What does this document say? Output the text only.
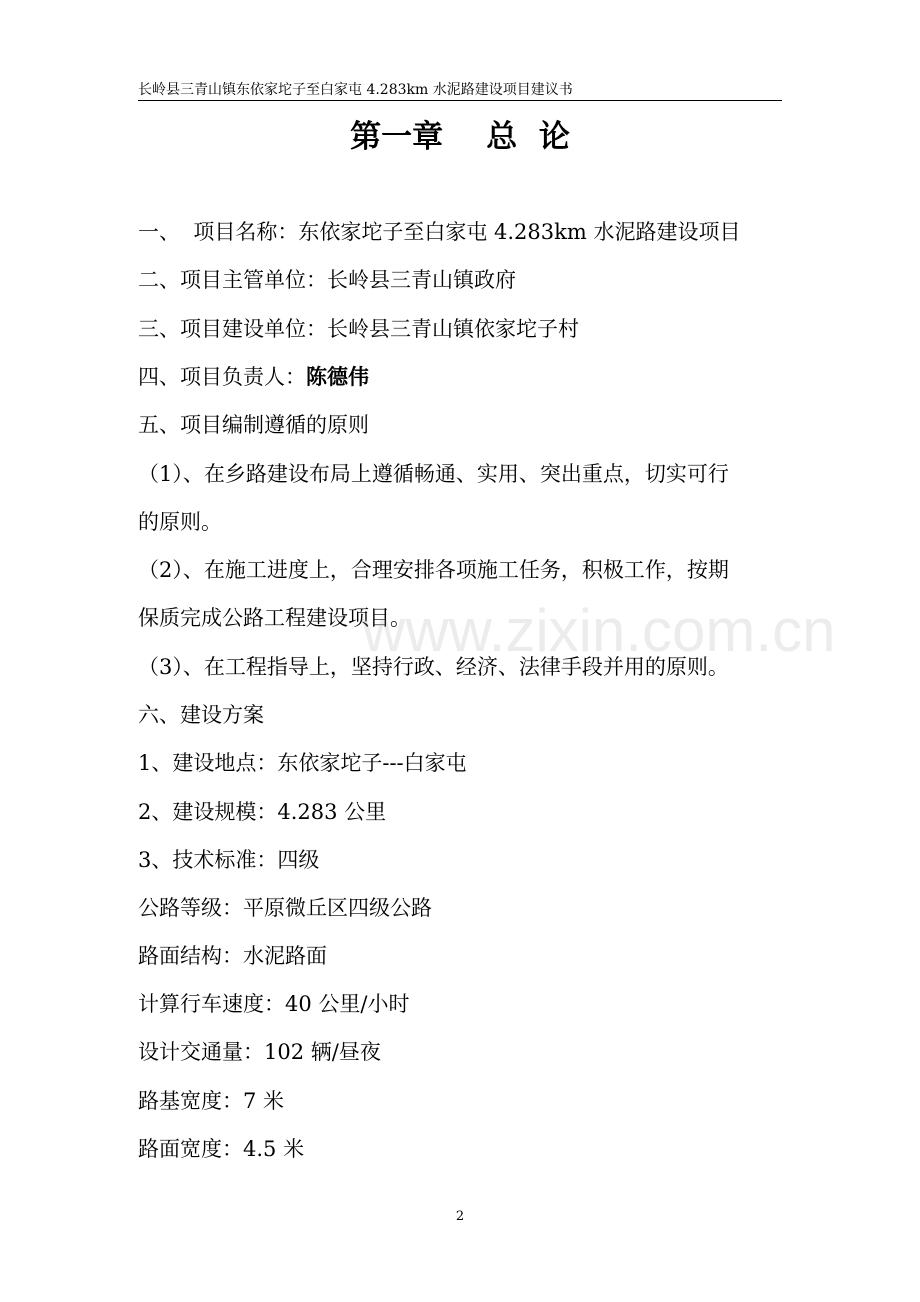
长岭县三青山镇东依家坨子至白家屯 4.283km 水泥路建设项目建议书
第一章    总  论
一、  项目名称：东依家坨子至白家屯 4.283km 水泥路建设项目
二、项目主管单位：长岭县三青山镇政府
三、项目建设单位：长岭县三青山镇依家坨子村
四、项目负责人：陈德伟
五、项目编制遵循的原则
（1）、在乡路建设布局上遵循畅通、实用、突出重点，切实可行
的原则。
（2）、在施工进度上，合理安排各项施工任务，积极工作，按期
保质完成公路工程建设项目。
（3）、在工程指导上，坚持行政、经济、法律手段并用的原则。
六、建设方案
1、建设地点：东依家坨子---白家屯
2、建设规模：4.283 公里
3、技术标准：四级
公路等级：平原微丘区四级公路
路面结构：水泥路面
计算行车速度：40 公里/小时
设计交通量：102 辆/昼夜
路基宽度：7 米
路面宽度：4.5 米
www.zixin.com.cn
2
